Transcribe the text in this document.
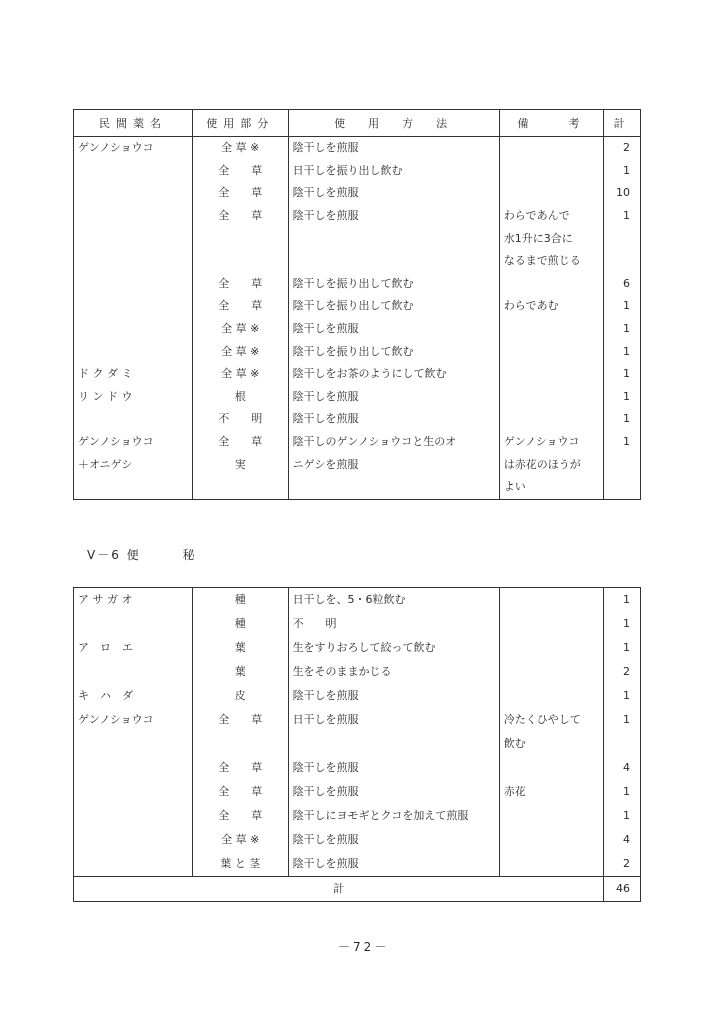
民間薬名	使用部分	使　用　方　法	備　　考	計
ゲンノショウコ	全 草 ※	陰干しを煎服		2
	全　　草	日干しを振り出し飲む		1
	全　　草	陰干しを煎服		10
	全　　草	陰干しを煎服	わらであんで	1
			水1升に3合に	
			なるまで煎じる	
	全　　草	陰干しを振り出して飲む		6
	全　　草	陰干しを振り出して飲む	わらであむ	1
	全 草 ※	陰干しを煎服		1
	全 草 ※	陰干しを振り出して飲む		1
ド ク ダ ミ	全 草 ※	陰干しをお茶のようにして飲む		1
リ ン ド ウ	根	陰干しを煎服		1
	不　　明	陰干しを煎服		1
ゲンノショウコ	全　　草	陰干しのゲンノショウコと生のオ	ゲンノショウコ	1
＋オニゲシ	実	ニゲシを煎服	は赤花のほうが	
			よい	
V－6 便　　　秘
ア サ ガ オ	種	日干しを、5・6粒飲む		1
	種	不　　明		1
ア　ロ　エ	葉	生をすりおろして絞って飲む		1
	葉	生をそのままかじる		2
キ　ハ　ダ	皮	陰干しを煎服		1
ゲンノショウコ	全　　草	日干しを煎服	冷たくひやして	1
			飲む	
	全　　草	陰干しを煎服		4
	全　　草	陰干しを煎服	赤花	1
	全　　草	陰干しにヨモギとクコを加えて煎服		1
	全 草 ※	陰干しを煎服		4
	葉 と 茎	陰干しを煎服		2
計				46
－72－
